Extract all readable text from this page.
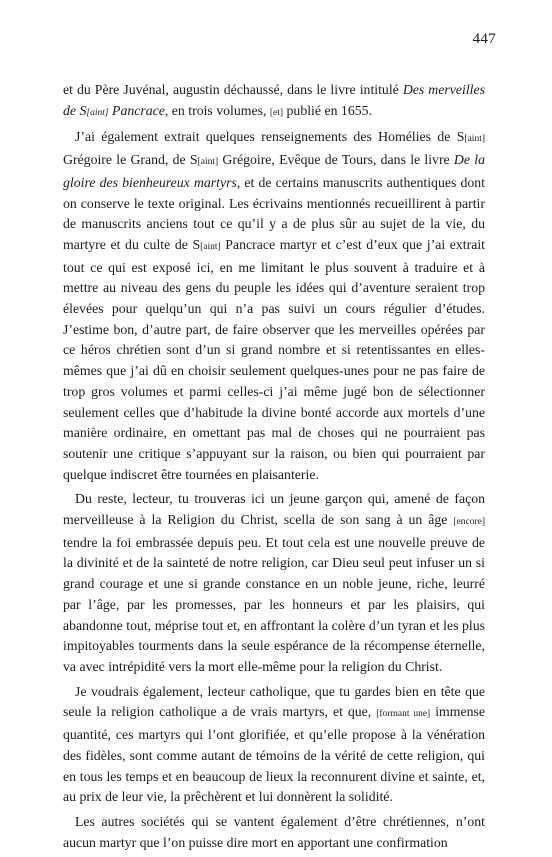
447

et du Père Juvénal, augustin déchaussé, dans le livre intitulé Des merveilles de S[aint] Pancrace, en trois volumes, [et] publié en 1655.

J’ai également extrait quelques renseignements des Homélies de S[aint] Grégoire le Grand, de S[aint] Grégoire, Evêque de Tours, dans le livre De la gloire des bienheureux martyrs, et de certains manuscrits authentiques dont on conserve le texte original. Les écrivains mentionnés recueillirent à partir de manuscrits anciens tout ce qu’il y a de plus sûr au sujet de la vie, du martyre et du culte de S[aint] Pancrace martyr et c’est d’eux que j’ai extrait tout ce qui est exposé ici, en me limitant le plus souvent à traduire et à mettre au niveau des gens du peuple les idées qui d’aventure seraient trop élevées pour quelqu’un qui n’a pas suivi un cours régulier d’études. J’estime bon, d’autre part, de faire observer que les merveilles opérées par ce héros chrétien sont d’un si grand nombre et si retentissantes en elles-mêmes que j’ai dû en choisir seulement quelques-unes pour ne pas faire de trop gros volumes et parmi celles-ci j’ai même jugé bon de sélectionner seulement celles que d’habitude la divine bonté accorde aux mortels d’une manière ordinaire, en omettant pas mal de choses qui ne pourraient pas soutenir une critique s’appuyant sur la raison, ou bien qui pourraient par quelque indiscret être tournées en plaisanterie.

Du reste, lecteur, tu trouveras ici un jeune garçon qui, amené de façon merveilleuse à la Religion du Christ, scella de son sang à un âge [encore] tendre la foi embrassée depuis peu. Et tout cela est une nouvelle preuve de la divinité et de la sainteté de notre religion, car Dieu seul peut infuser un si grand courage et une si grande constance en un noble jeune, riche, leurré par l’âge, par les promesses, par les honneurs et par les plaisirs, qui abandonne tout, méprise tout et, en affrontant la colère d’un tyran et les plus impitoyables tourments dans la seule espérance de la récompense éternelle, va avec intrépidité vers la mort elle-même pour la religion du Christ.

Je voudrais également, lecteur catholique, que tu gardes bien en tête que seule la religion catholique a de vrais martyrs, et que, [formant une] immense quantité, ces martyrs qui l’ont glorifiée, et qu’elle propose à la vénération des fidèles, sont comme autant de témoins de la vérité de cette religion, qui en tous les temps et en beaucoup de lieux la reconnurent divine et sainte, et, au prix de leur vie, la prêchèrent et lui donnèrent la solidité.

Les autres sociétés qui se vantent également d’être chrétiennes, n’ont aucun martyr que l’on puisse dire mort en apportant une confirmation
